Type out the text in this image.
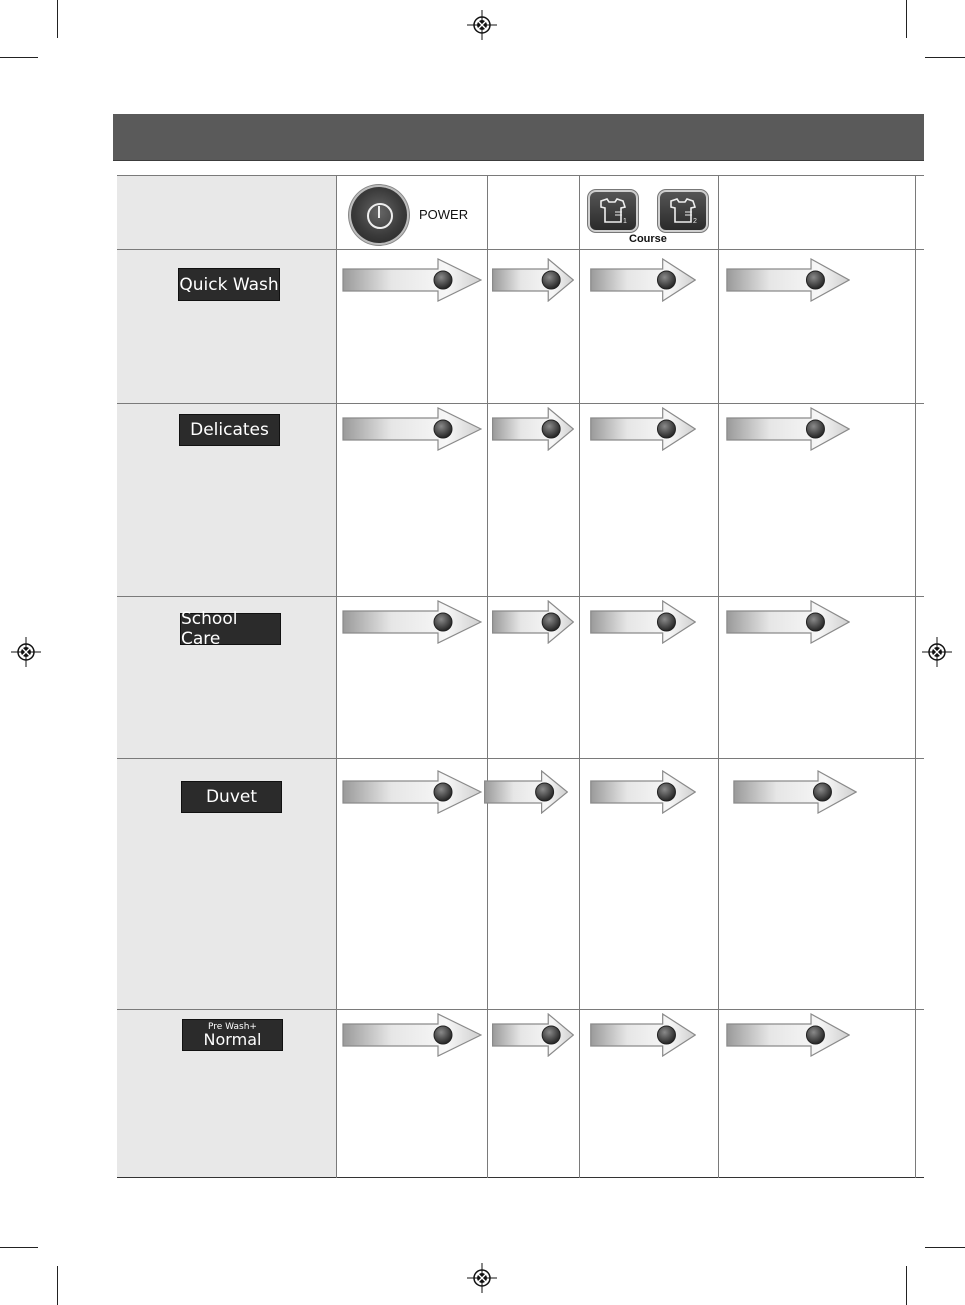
POWER	1	2
Course
Quick Wash
Delicates
School Care
Duvet
Pre Wash+
Normal
